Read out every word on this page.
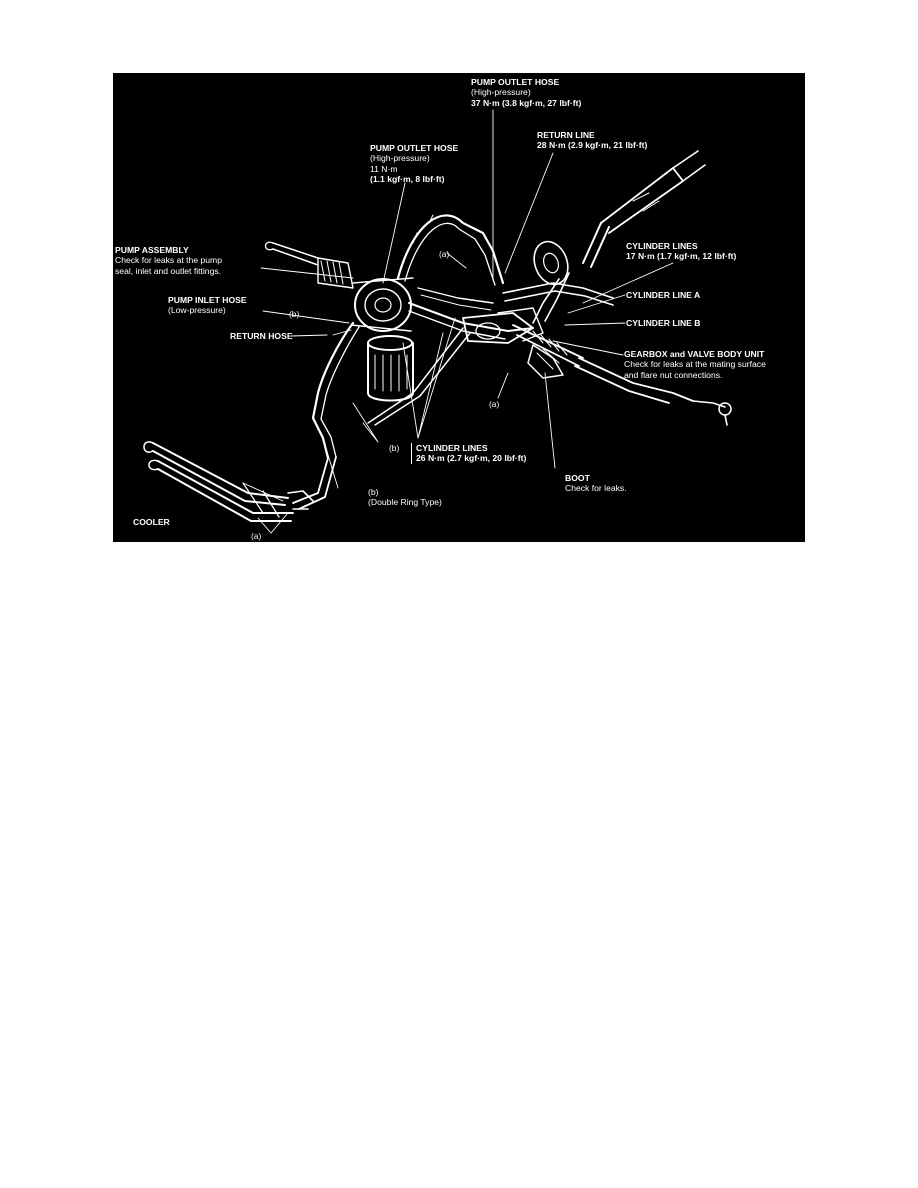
PUMP OUTLET HOSE
(High-pressure)
37 N·m (3.8 kgf·m, 27 lbf·ft)
RETURN LINE
28 N·m (2.9 kgf·m, 21 lbf·ft)
PUMP OUTLET HOSE
(High-pressure)
11 N·m
(1.1 kgf·m, 8 lbf·ft)
PUMP ASSEMBLY
Check for leaks at the pump
seal, inlet and outlet fittings.
CYLINDER LINES
17 N·m (1.7 kgf·m, 12 lbf·ft)
CYLINDER LINE A
CYLINDER LINE B
PUMP INLET HOSE
(Low-pressure)
RETURN HOSE
GEARBOX and VALVE BODY UNIT
Check for leaks at the mating surface
and flare nut connections.
CYLINDER LINES
26 N·m (2.7 kgf·m, 20 lbf·ft)
BOOT
Check for leaks.
(b)
(Double Ring Type)
COOLER
(a)
(b)
(a)
(b)
(a)
